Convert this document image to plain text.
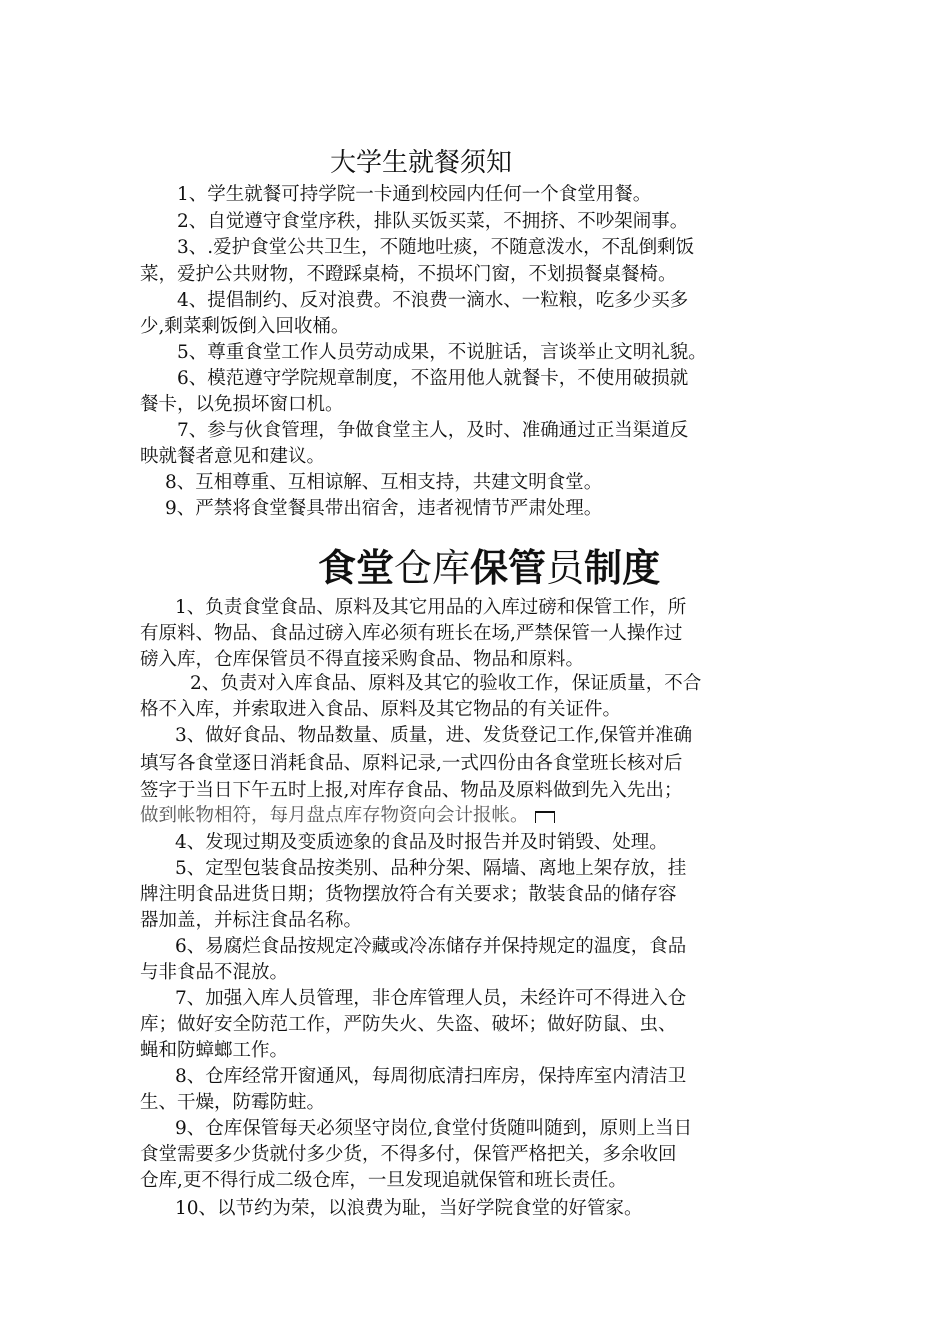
大学生就餐须知
1、学生就餐可持学院一卡通到校园内任何一个食堂用餐。
2、自觉遵守食堂序秩，排队买饭买菜，不拥挤、不吵架闹事。
3、.爱护食堂公共卫生，不随地吐痰，不随意泼水，不乱倒剩饭
菜，爱护公共财物，不蹬踩桌椅，不损坏门窗，不划损餐桌餐椅。
4、提倡制约、反对浪费。不浪费一滴水、一粒粮，吃多少买多
少,剩菜剩饭倒入回收桶。
5、尊重食堂工作人员劳动成果，不说脏话，言谈举止文明礼貌。
6、模范遵守学院规章制度，不盗用他人就餐卡，不使用破损就
餐卡，以免损坏窗口机。
7、参与伙食管理，争做食堂主人，及时、准确通过正当渠道反
映就餐者意见和建议。
8、互相尊重、互相谅解、互相支持，共建文明食堂。
9、严禁将食堂餐具带出宿舍，违者视情节严肃处理。
食堂仓库保管员制度
1、负责食堂食品、原料及其它用品的入库过磅和保管工作，所
有原料、物品、食品过磅入库必须有班长在场,严禁保管一人操作过
磅入库，仓库保管员不得直接采购食品、物品和原料。
2、负责对入库食品、原料及其它的验收工作，保证质量，不合
格不入库，并索取进入食品、原料及其它物品的有关证件。
3、做好食品、物品数量、质量，进、发货登记工作,保管并准确
填写各食堂逐日消耗食品、原料记录,一式四份由各食堂班长核对后
签字于当日下午五时上报,对库存食品、物品及原料做到先入先出；
做到帐物相符，每月盘点库存物资向会计报帐。
4、发现过期及变质迹象的食品及时报告并及时销毁、处理。
5、定型包装食品按类别、品种分架、隔墙、离地上架存放，挂
牌注明食品进货日期；货物摆放符合有关要求；散装食品的储存容
器加盖，并标注食品名称。
6、易腐烂食品按规定冷藏或冷冻储存并保持规定的温度，食品
与非食品不混放。
7、加强入库人员管理，非仓库管理人员，未经许可不得进入仓
库；做好安全防范工作，严防失火、失盗、破坏；做好防鼠、虫、
蝇和防蟑螂工作。
8、仓库经常开窗通风，每周彻底清扫库房，保持库室内清洁卫
生、干燥，防霉防蛀。
9、仓库保管每天必须坚守岗位,食堂付货随叫随到，原则上当日
食堂需要多少货就付多少货，不得多付，保管严格把关，多余收回
仓库,更不得行成二级仓库，一旦发现追就保管和班长责任。
10、以节约为荣，以浪费为耻，当好学院食堂的好管家。
